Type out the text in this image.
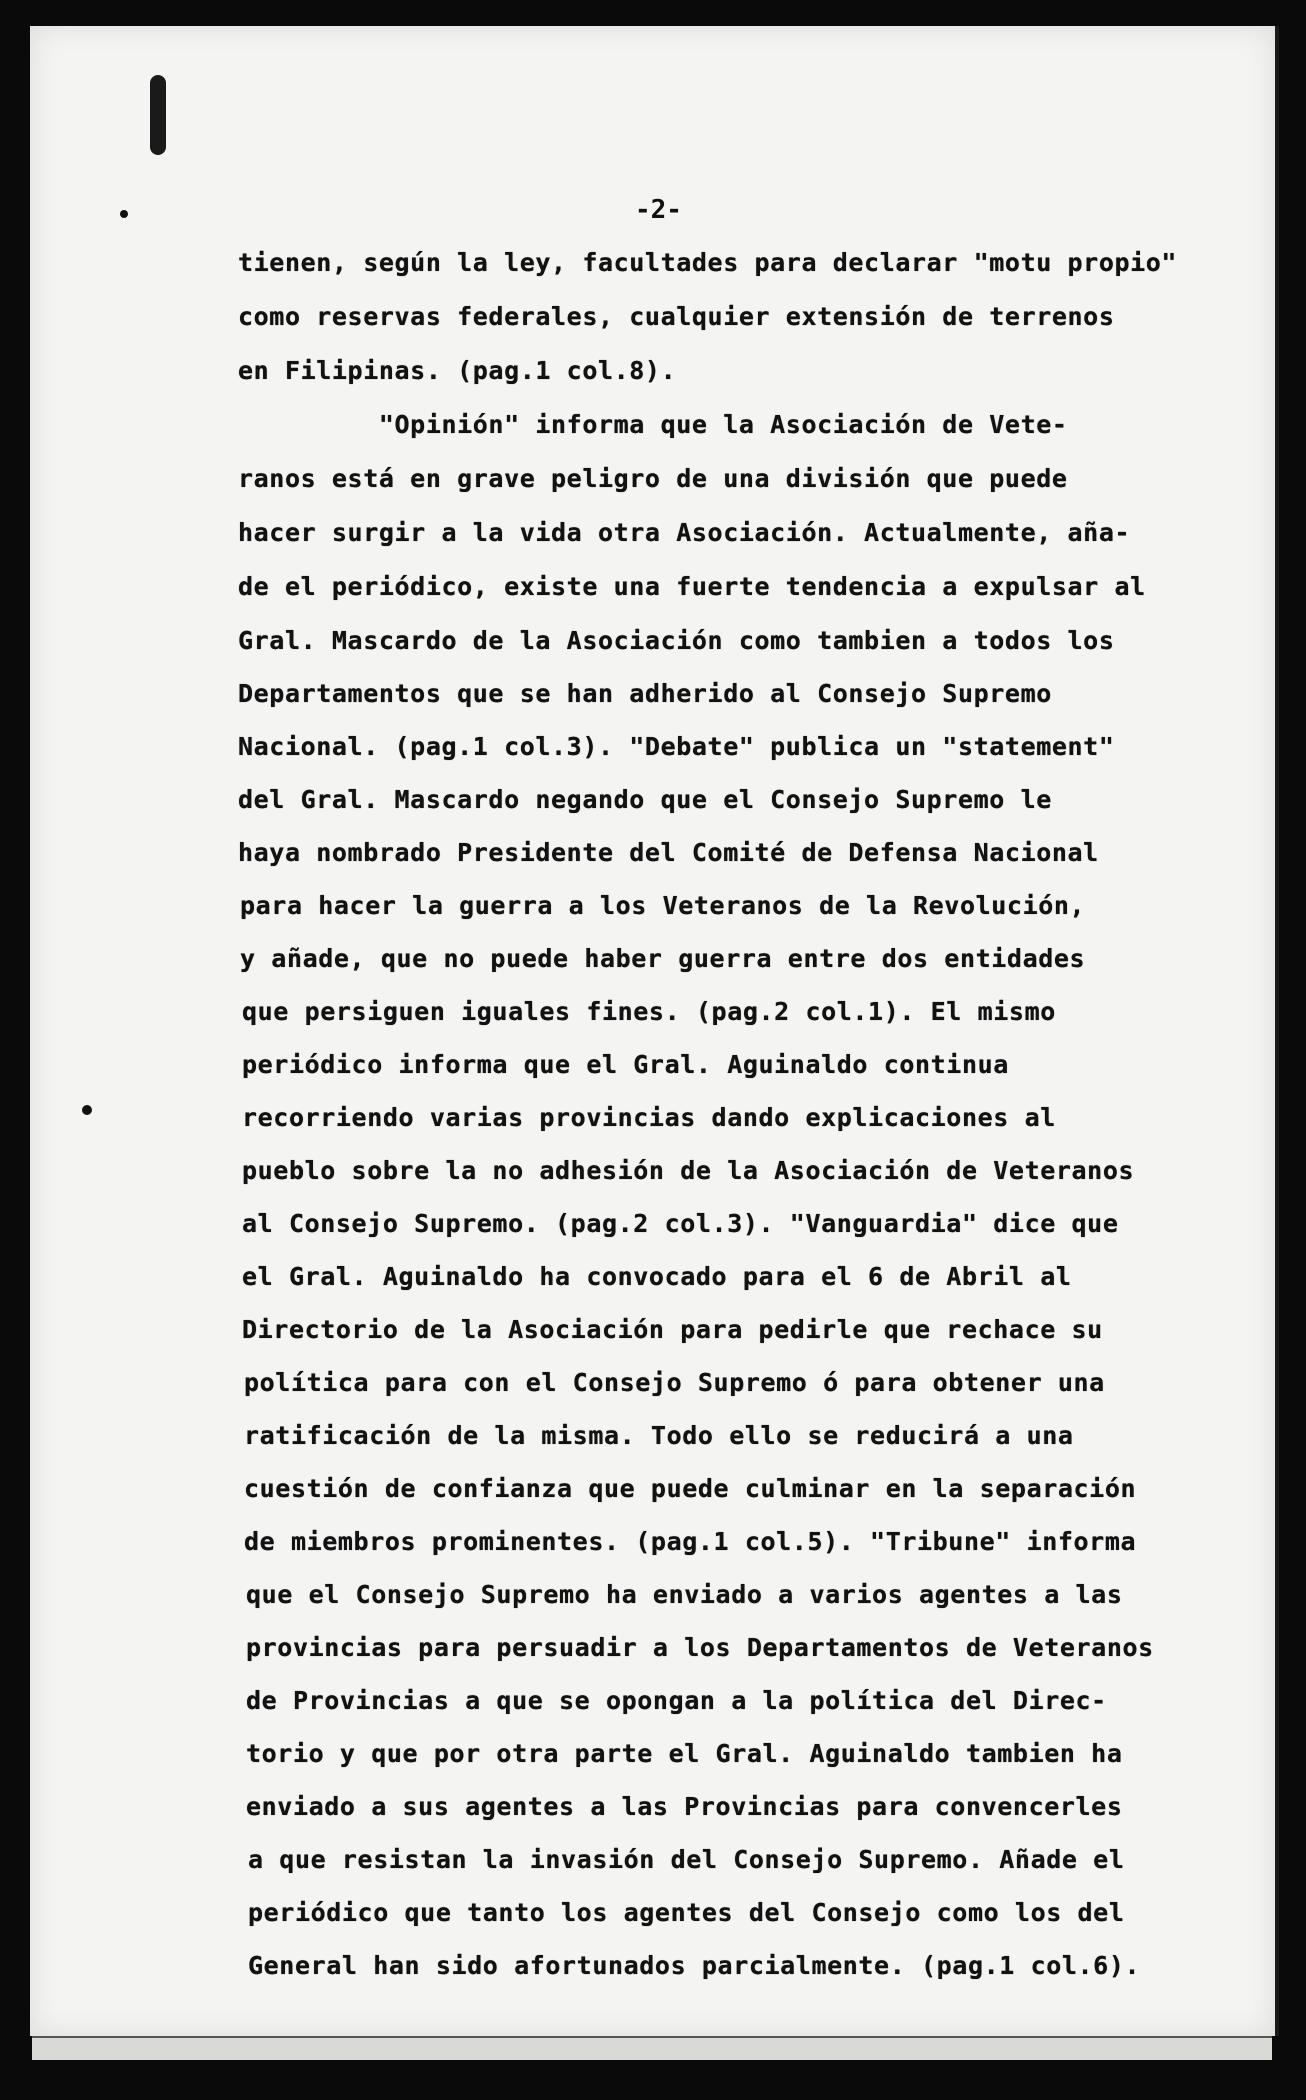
-2-
tienen, según la ley, facultades para declarar "motu propio"
como reservas federales, cualquier extensión de terrenos
en Filipinas. (pag.1 col.8).
"Opinión" informa que la Asociación de Vete-
ranos está en grave peligro de una división que puede
hacer surgir a la vida otra Asociación. Actualmente, aña-
de el periódico, existe una fuerte tendencia a expulsar al
Gral. Mascardo de la Asociación como tambien a todos los
Departamentos que se han adherido al Consejo Supremo
Nacional. (pag.1 col.3). "Debate" publica un "statement"
del Gral. Mascardo negando que el Consejo Supremo le
haya nombrado Presidente del Comité de Defensa Nacional
para hacer la guerra a los Veteranos de la Revolución,
y añade, que no puede haber guerra entre dos entidades
que persiguen iguales fines. (pag.2 col.1). El mismo
periódico informa que el Gral. Aguinaldo continua
recorriendo varias provincias dando explicaciones al
pueblo sobre la no adhesión de la Asociación de Veteranos
al Consejo Supremo. (pag.2 col.3). "Vanguardia" dice que
el Gral. Aguinaldo ha convocado para el 6 de Abril al
Directorio de la Asociación para pedirle que rechace su
política para con el Consejo Supremo ó para obtener una
ratificación de la misma. Todo ello se reducirá a una
cuestión de confianza que puede culminar en la separación
de miembros prominentes. (pag.1 col.5). "Tribune" informa
que el Consejo Supremo ha enviado a varios agentes a las
provincias para persuadir a los Departamentos de Veteranos
de Provincias a que se opongan a la política del Direc-
torio y que por otra parte el Gral. Aguinaldo tambien ha
enviado a sus agentes a las Provincias para convencerles
a que resistan la invasión del Consejo Supremo. Añade el
periódico que tanto los agentes del Consejo como los del
General han sido afortunados parcialmente. (pag.1 col.6).
